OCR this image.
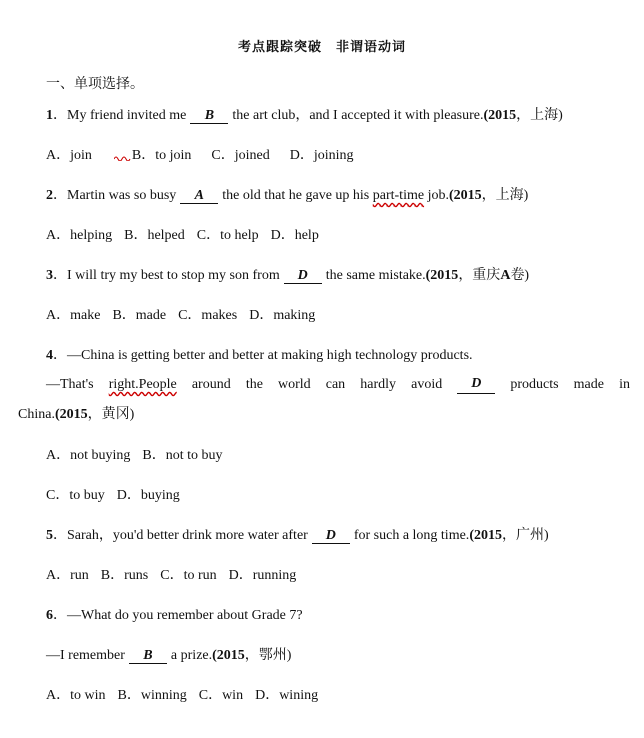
考点跟踪突破　非谓语动词
一、单项选择。
1．My friend invited me B the art club，and I accepted it with pleasure.(2015，上海)
A．join	B．to join C．joined D．joining
2．Martin was so busy A the old that he gave up his part-time job.(2015，上海)
A．helping B．helped C．to help D．help
3．I will try my best to stop my son from D the same mistake.(2015，重庆A卷)
A．make B．made C．makes D．making
4．—China is getting better and better at making high technology products.
—That's right.People around the world can hardly avoid	D	products made in
China.(2015，黄冈)
A．not buying B．not to buy
C．to buy D．buying
5．Sarah，you'd better drink more water after D for such a long time.(2015，广州)
A．run B．runs C．to run D．running
6．—What do you remember about Grade 7?
—I remember B a prize.(2015，鄂州)
A．to win B．winning C．win D．wining
